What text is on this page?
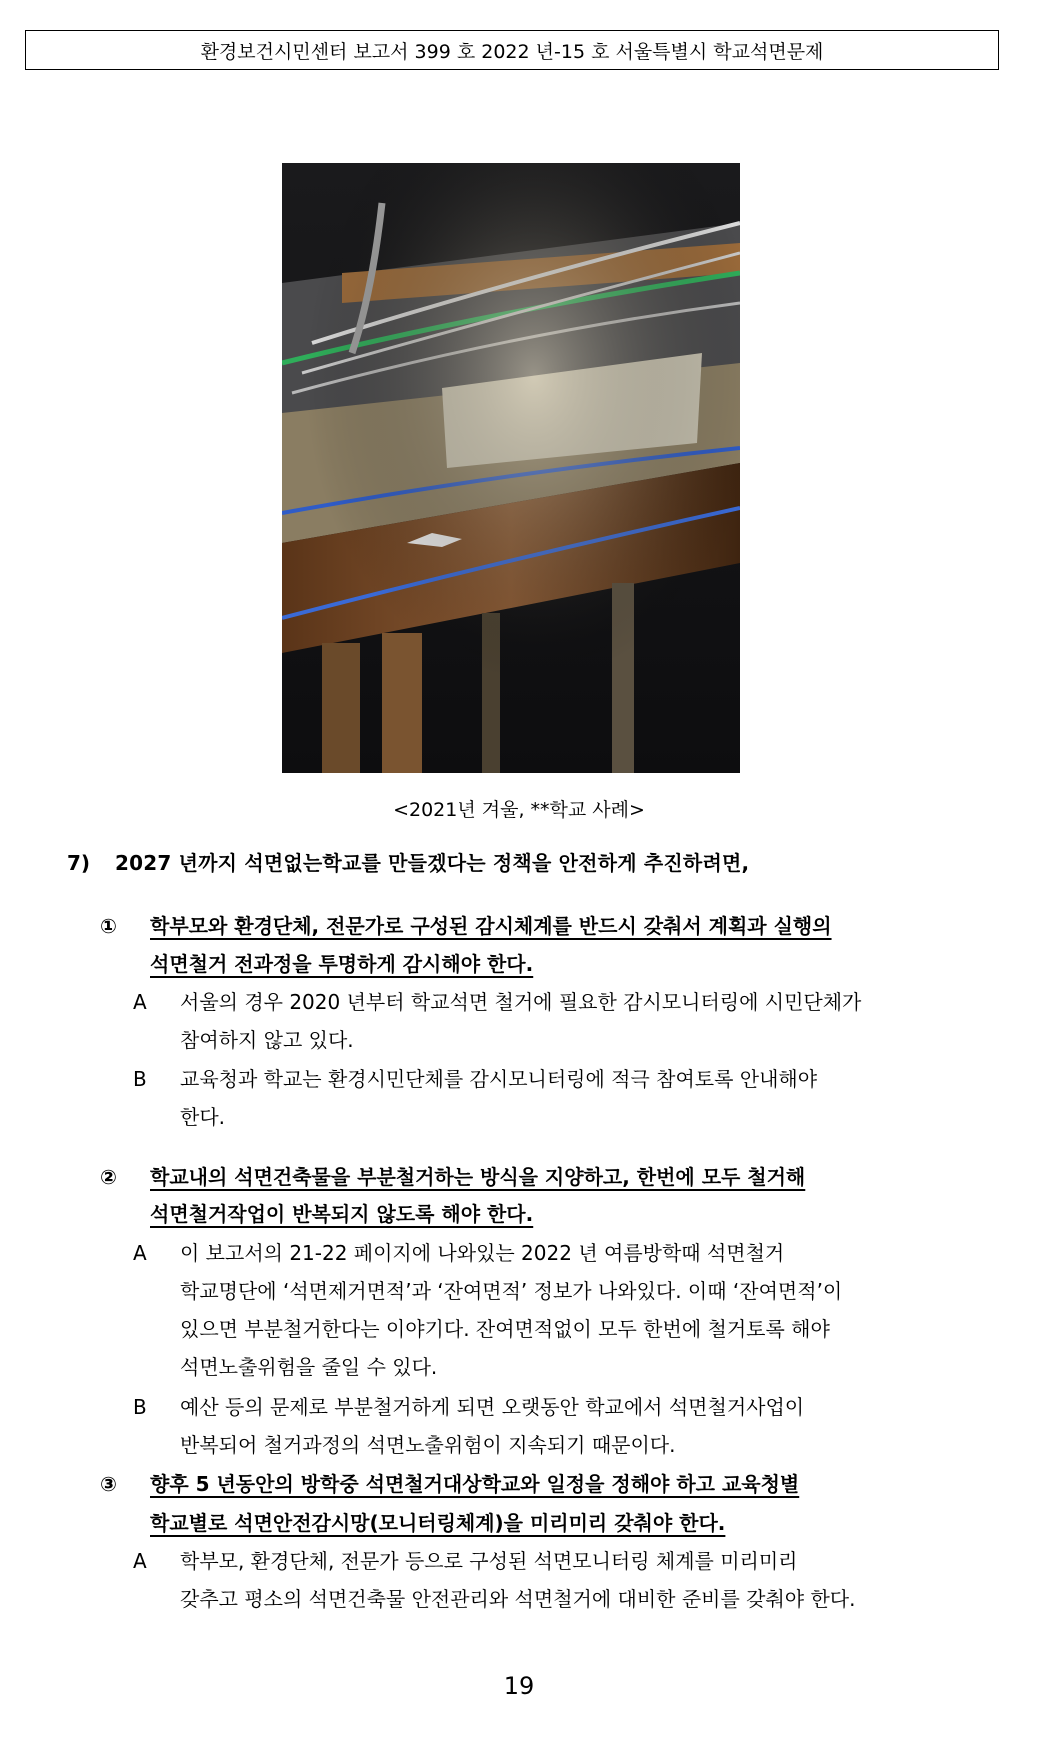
환경보건시민센터 보고서 399 호 2022 년-15 호 서울특별시 학교석면문제
<2021년 겨울, **학교 사례>
7) 2027 년까지 석면없는학교를 만들겠다는 정책을 안전하게 추진하려면,
① 학부모와 환경단체, 전문가로 구성된 감시체계를 반드시 갖춰서 계획과 실행의
석면철거 전과정을 투명하게 감시해야 한다.
A 서울의 경우 2020 년부터 학교석면 철거에 필요한 감시모니터링에 시민단체가
참여하지 않고 있다.
B 교육청과 학교는 환경시민단체를 감시모니터링에 적극 참여토록 안내해야
한다.
② 학교내의 석면건축물을 부분철거하는 방식을 지양하고, 한번에 모두 철거해
석면철거작업이 반복되지 않도록 해야 한다.
A 이 보고서의 21-22 페이지에 나와있는 2022 년 여름방학때 석면철거
학교명단에 ‘석면제거면적’과 ‘잔여면적’ 정보가 나와있다. 이때 ‘잔여면적’이
있으면 부분철거한다는 이야기다. 잔여면적없이 모두 한번에 철거토록 해야
석면노출위험을 줄일 수 있다.
B 예산 등의 문제로 부분철거하게 되면 오랫동안 학교에서 석면철거사업이
반복되어 철거과정의 석면노출위험이 지속되기 때문이다.
③ 향후 5 년동안의 방학중 석면철거대상학교와 일정을 정해야 하고 교육청별
학교별로 석면안전감시망(모니터링체계)을 미리미리 갖춰야 한다.
A 학부모, 환경단체, 전문가 등으로 구성된 석면모니터링 체계를 미리미리
갖추고 평소의 석면건축물 안전관리와 석면철거에 대비한 준비를 갖춰야 한다.
19
